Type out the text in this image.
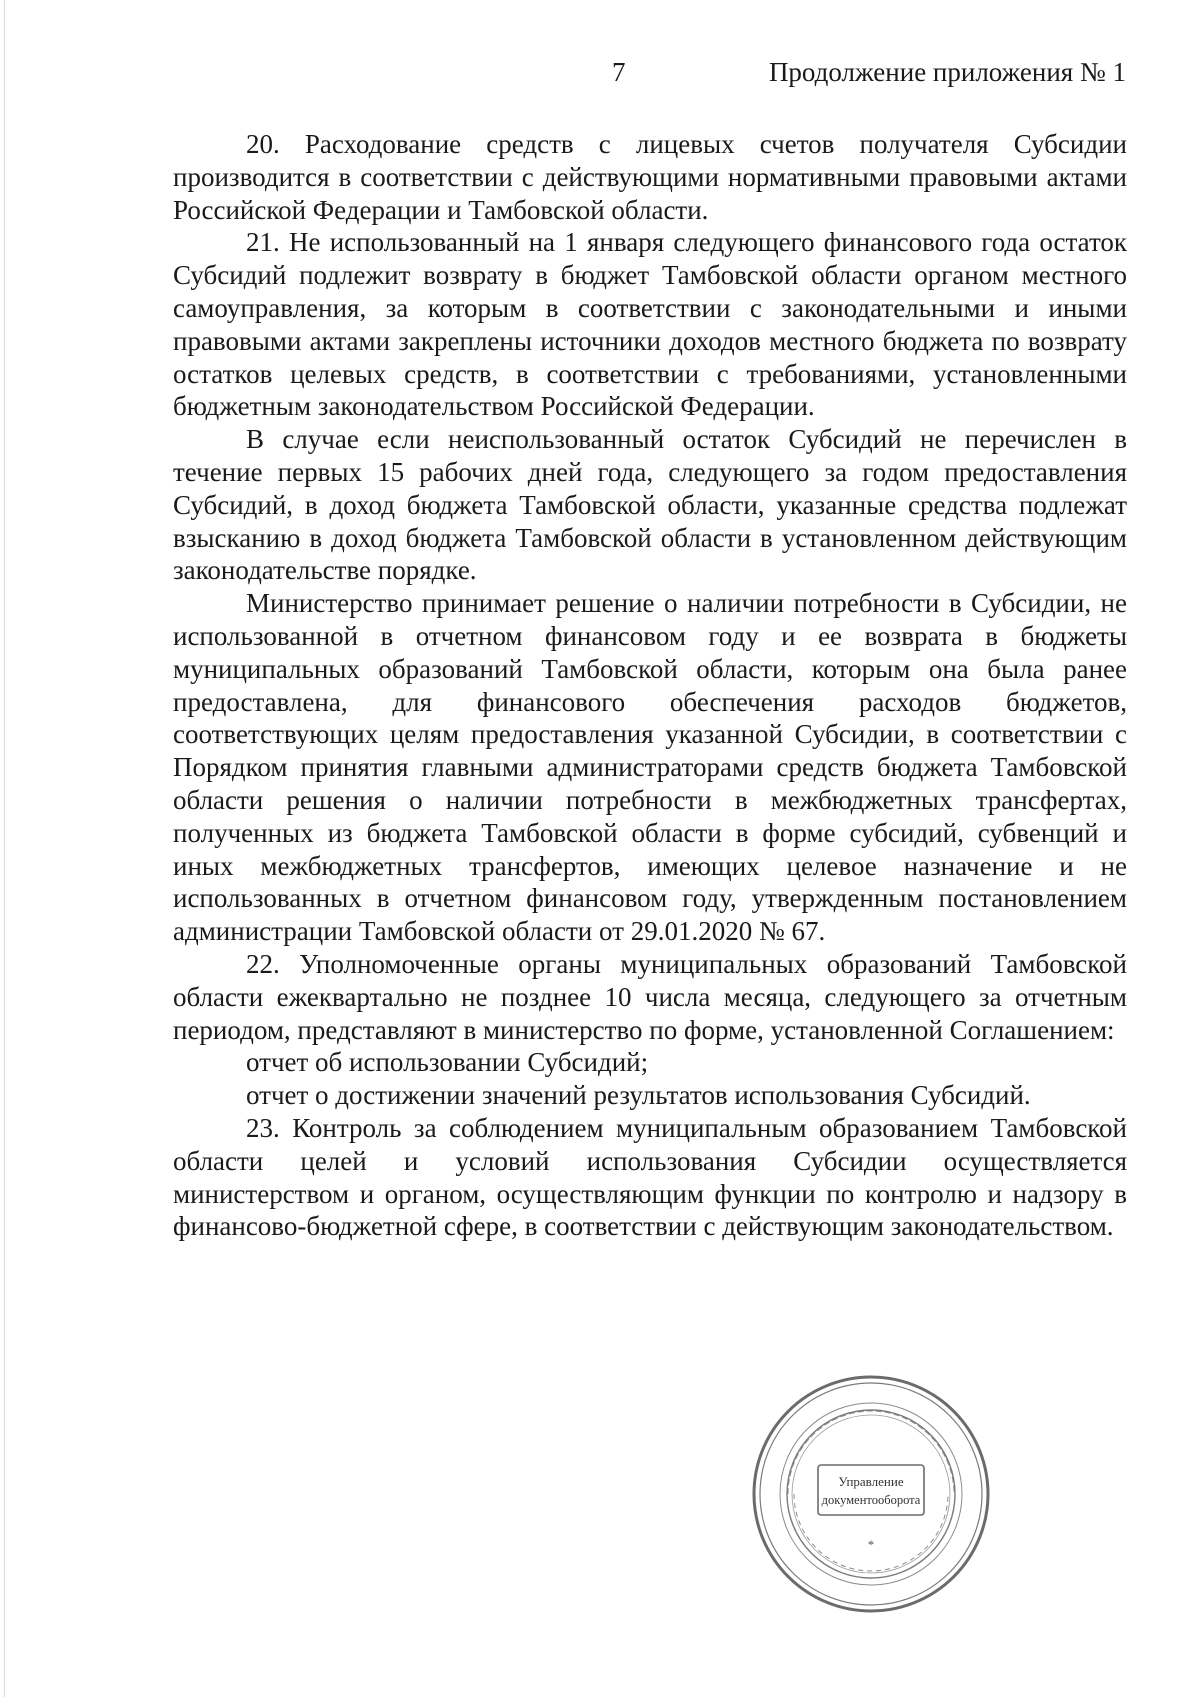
7	Продолжение приложения № 1

20. Расходование средств с лицевых счетов получателя Субсидии производится в соответствии с действующими нормативными правовыми актами Российской Федерации и Тамбовской области.

21. Не использованный на 1 января следующего финансового года остаток Субсидий подлежит возврату в бюджет Тамбовской области органом местного самоуправления, за которым в соответствии с законодательными и иными правовыми актами закреплены источники доходов местного бюджета по возврату остатков целевых средств, в соответствии с требованиями, установленными бюджетным законодательством Российской Федерации.

В случае если неиспользованный остаток Субсидий не перечислен в течение первых 15 рабочих дней года, следующего за годом предоставления Субсидий, в доход бюджета Тамбовской области, указанные средства подлежат взысканию в доход бюджета Тамбовской области в установленном действующим законодательстве порядке.

Министерство принимает решение о наличии потребности в Субсидии, не использованной в отчетном финансовом году и ее возврата в бюджеты муниципальных образований Тамбовской области, которым она была ранее предоставлена, для финансового обеспечения расходов бюджетов, соответствующих целям предоставления указанной Субсидии, в соответствии с Порядком принятия главными администраторами средств бюджета Тамбовской области решения о наличии потребности в межбюджетных трансфертах, полученных из бюджета Тамбовской области в форме субсидий, субвенций и иных межбюджетных трансфертов, имеющих целевое назначение и не использованных в отчетном финансовом году, утвержденным постановлением администрации Тамбовской области от 29.01.2020 № 67.

22. Уполномоченные органы муниципальных образований Тамбовской области ежеквартально не позднее 10 числа месяца, следующего за отчетным периодом, представляют в министерство по форме, установленной Соглашением:

отчет об использовании Субсидий;

отчет о достижении значений результатов использования Субсидий.

23. Контроль за соблюдением муниципальным образованием Тамбовской области целей и условий использования Субсидии осуществляется министерством и органом, осуществляющим функции по контролю и надзору в финансово-бюджетной сфере, в соответствии с действующим законодательством.

Управление
документооборота
*
